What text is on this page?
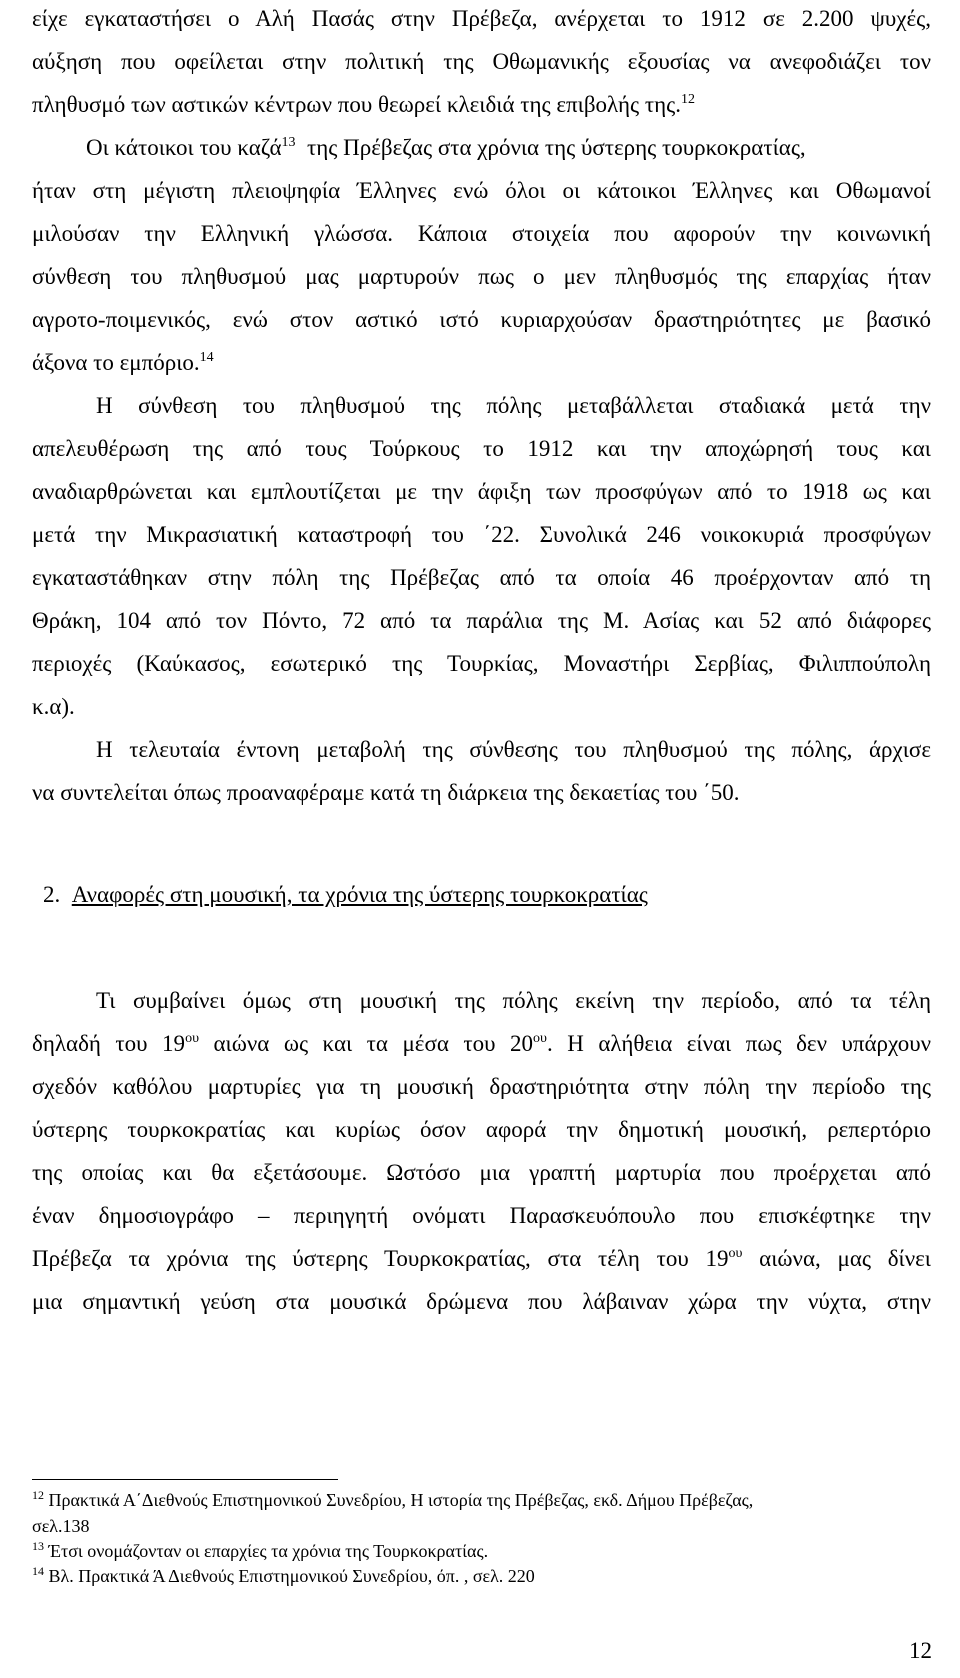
είχε εγκαταστήσει ο Αλή Πασάς στην Πρέβεζα, ανέρχεται το 1912 σε 2.200 ψυχές,
αύξηση που οφείλεται στην πολιτική της Οθωμανικής εξουσίας να ανεφοδιάζει τον
πληθυσμό των αστικών κέντρων που θεωρεί κλειδιά της επιβολής της.$^{12}$
Οι κάτοικοι του καζά$^{13}$ της Πρέβεζας στα χρόνια της ύστερης τουρκοκρατίας,
ήταν στη μέγιστη πλειοψηφία Έλληνες ενώ όλοι οι κάτοικοι Έλληνες και Οθωμανοί
μιλούσαν την Ελληνική γλώσσα. Κάποια στοιχεία που αφορούν την κοινωνική
σύνθεση του πληθυσμού μας μαρτυρούν πως ο μεν πληθυσμός της επαρχίας ήταν
αγροτο-ποιμενικός, ενώ στον αστικό ιστό κυριαρχούσαν δραστηριότητες με βασικό
άξονα το εμπόριο.$^{14}$
Η σύνθεση του πληθυσμού της πόλης μεταβάλλεται σταδιακά μετά την
απελευθέρωση της από τους Τούρκους το 1912 και την αποχώρησή τους και
αναδιαρθρώνεται και εμπλουτίζεται με την άφιξη των προσφύγων από το 1918 ως και
μετά την Μικρασιατική καταστροφή του ΄22. Συνολικά 246 νοικοκυριά προσφύγων
εγκαταστάθηκαν στην πόλη της Πρέβεζας από τα οποία 46 προέρχονταν από τη
Θράκη, 104 από τον Πόντο, 72 από τα παράλια της Μ. Ασίας και 52 από διάφορες
περιοχές (Καύκασος, εσωτερικό της Τουρκίας, Μοναστήρι Σερβίας, Φιλιππούπολη
κ.α).
Η τελευταία έντονη μεταβολή της σύνθεσης του πληθυσμού της πόλης, άρχισε
να συντελείται όπως προαναφέραμε κατά τη διάρκεια της δεκαετίας του ΄50.
2. Αναφορές στη μουσική, τα χρόνια της ύστερης τουρκοκρατίας
Τι συμβαίνει όμως στη μουσική της πόλης εκείνη την περίοδο, από τα τέλη
δηλαδή του $19^{o\upsilon}$ αιώνα ως και τα μέσα του $20^{o\upsilon}$. Η αλήθεια είναι πως δεν υπάρχουν
σχεδόν καθόλου μαρτυρίες για τη μουσική δραστηριότητα στην πόλη την περίοδο της
ύστερης τουρκοκρατίας και κυρίως όσον αφορά την δημοτική μουσική, ρεπερτόριο
της οποίας και θα εξετάσουμε. Ωστόσο μια γραπτή μαρτυρία που προέρχεται από
έναν δημοσιογράφο – περιηγητή ονόματι Παρασκευόπουλο που επισκέφτηκε την
Πρέβεζα τα χρόνια της ύστερης Τουρκοκρατίας, στα τέλη του $19^{o\upsilon}$ αιώνα, μας δίνει
μια σημαντική γεύση στα μουσικά δρώμενα που λάβαιναν χώρα την νύχτα, στην
$^{12}$ Πρακτικά Α΄Διεθνούς Επιστημονικού Συνεδρίου, Η ιστορία της Πρέβεζας, εκδ. Δήμου Πρέβεζας,
σελ.138
$^{13}$ Έτσι ονομάζονταν οι επαρχίες τα χρόνια της Τουρκοκρατίας.
$^{14}$ Βλ. Πρακτικά Ά Διεθνούς Επιστημονικού Συνεδρίου, όπ. , σελ. 220
12
